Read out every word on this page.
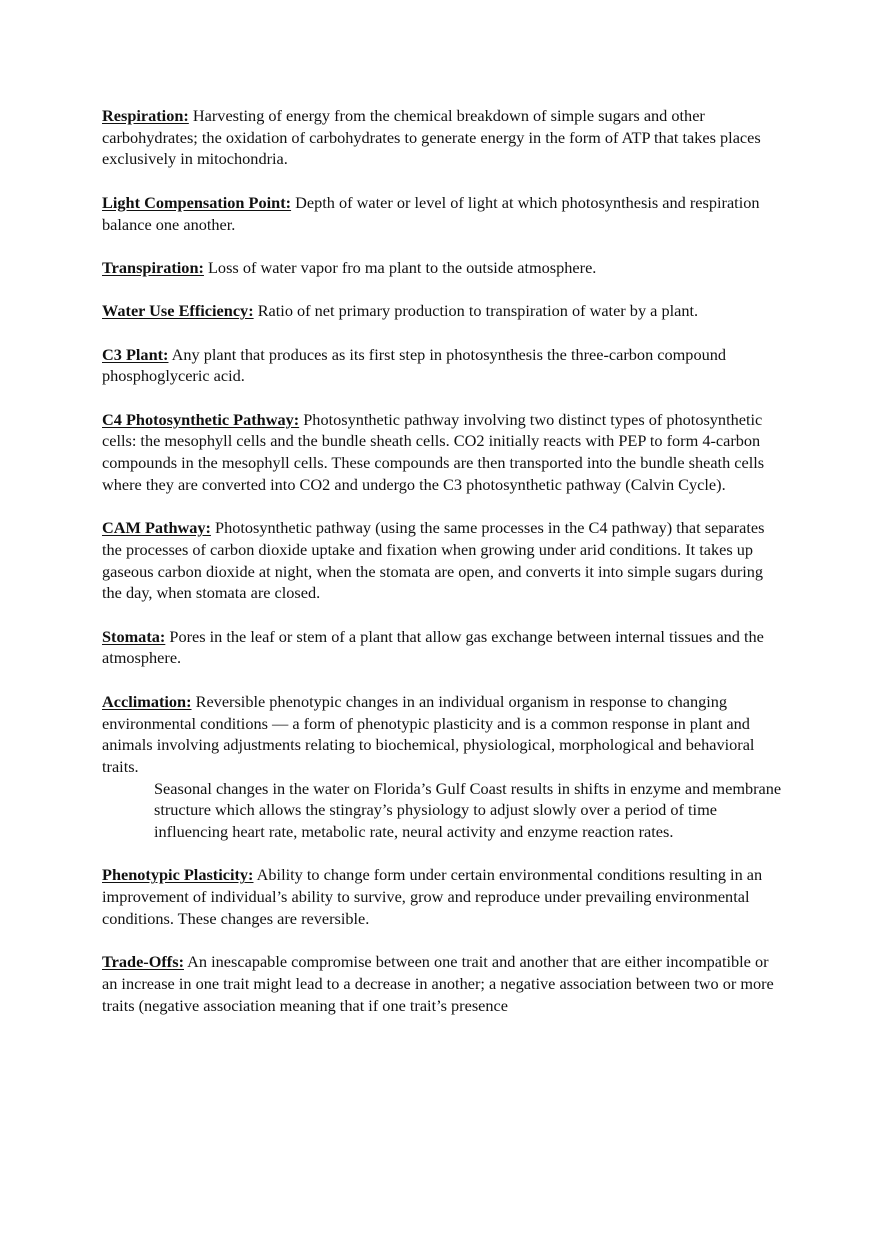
Respiration: Harvesting of energy from the chemical breakdown of simple sugars and other carbohydrates; the oxidation of carbohydrates to generate energy in the form of ATP that takes places exclusively in mitochondria.

Light Compensation Point: Depth of water or level of light at which photosynthesis and respiration balance one another.

Transpiration: Loss of water vapor fro ma plant to the outside atmosphere.

Water Use Efficiency: Ratio of net primary production to transpiration of water by a plant.

C3 Plant: Any plant that produces as its first step in photosynthesis the three-carbon compound phosphoglyceric acid.

C4 Photosynthetic Pathway: Photosynthetic pathway involving two distinct types of photosynthetic cells: the mesophyll cells and the bundle sheath cells. CO2 initially reacts with PEP to form 4-carbon compounds in the mesophyll cells. These compounds are then transported into the bundle sheath cells where they are converted into CO2 and undergo the C3 photosynthetic pathway (Calvin Cycle).

CAM Pathway: Photosynthetic pathway (using the same processes in the C4 pathway) that separates the processes of carbon dioxide uptake and fixation when growing under arid conditions. It takes up gaseous carbon dioxide at night, when the stomata are open, and converts it into simple sugars during the day, when stomata are closed.

Stomata: Pores in the leaf or stem of a plant that allow gas exchange between internal tissues and the atmosphere.

Acclimation: Reversible phenotypic changes in an individual organism in response to changing environmental conditions — a form of phenotypic plasticity and is a common response in plant and animals involving adjustments relating to biochemical, physiological, morphological and behavioral traits.

Seasonal changes in the water on Florida’s Gulf Coast results in shifts in enzyme and membrane structure which allows the stingray’s physiology to adjust slowly over a period of time influencing heart rate, metabolic rate, neural activity and enzyme reaction rates.

Phenotypic Plasticity: Ability to change form under certain environmental conditions resulting in an improvement of individual’s ability to survive, grow and reproduce under prevailing environmental conditions. These changes are reversible.

Trade-Offs: An inescapable compromise between one trait and another that are either incompatible or an increase in one trait might lead to a decrease in another; a negative association between two or more traits (negative association meaning that if one trait’s presence
